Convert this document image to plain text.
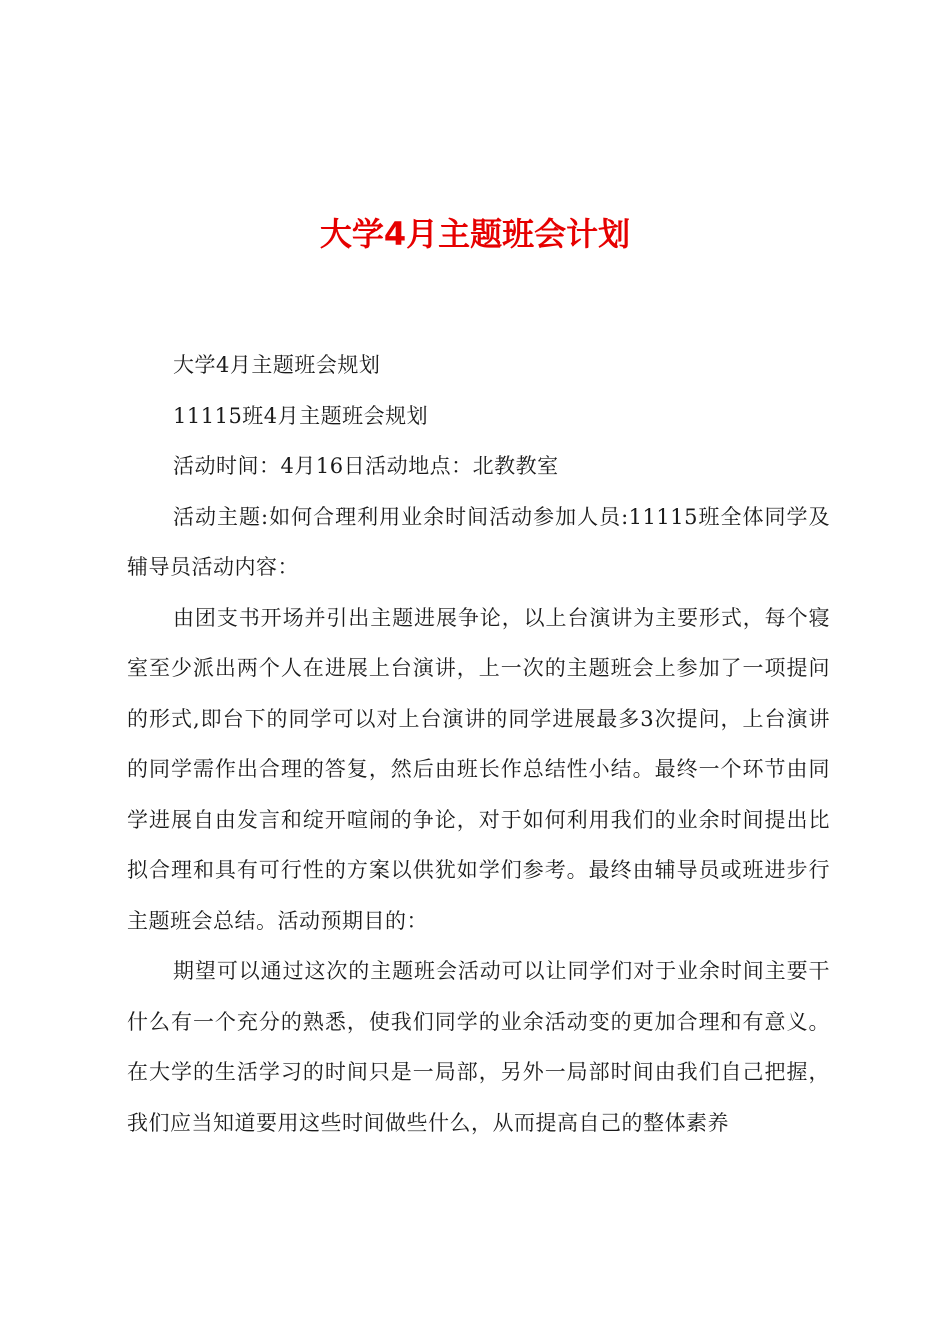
大学4月主题班会计划

大学4月主题班会规划

11115班4月主题班会规划

活动时间：4月16日活动地点：北教教室

活动主题:如何合理利用业余时间活动参加人员:11115班全体同学及辅导员活动内容：

由团支书开场并引出主题进展争论，以上台演讲为主要形式，每个寝室至少派出两个人在进展上台演讲，上一次的主题班会上参加了一项提问的形式,即台下的同学可以对上台演讲的同学进展最多3次提问，上台演讲的同学需作出合理的答复，然后由班长作总结性小结。最终一个环节由同学进展自由发言和绽开喧闹的争论，对于如何利用我们的业余时间提出比拟合理和具有可行性的方案以供犹如学们参考。最终由辅导员或班进步行主题班会总结。活动预期目的：

期望可以通过这次的主题班会活动可以让同学们对于业余时间主要干什么有一个充分的熟悉，使我们同学的业余活动变的更加合理和有意义。在大学的生活学习的时间只是一局部，另外一局部时间由我们自己把握，我们应当知道要用这些时间做些什么，从而提高自己的整体素养
